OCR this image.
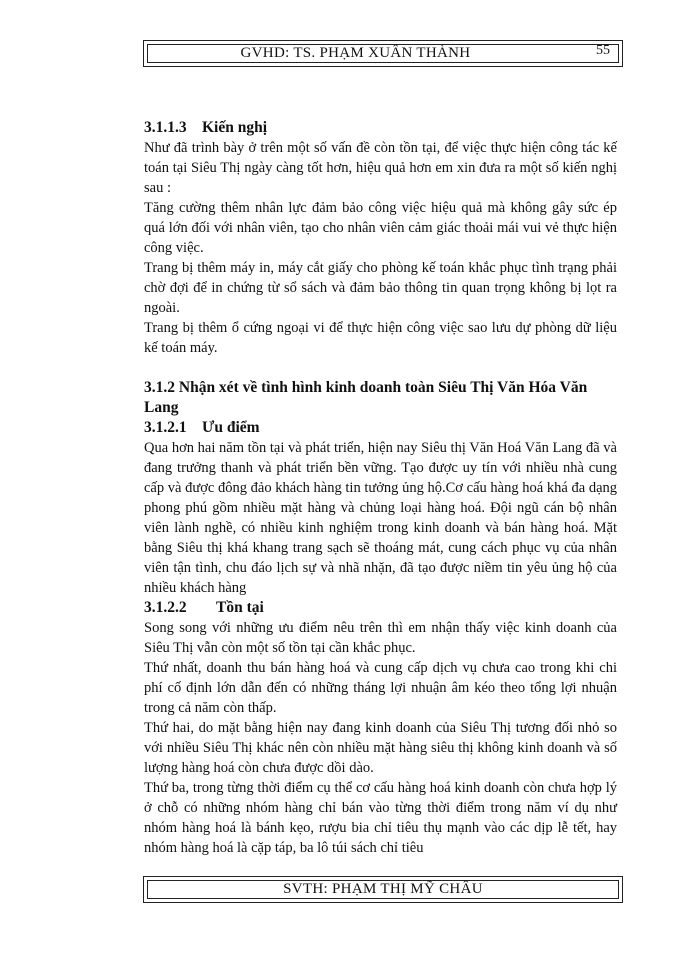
GVHD: TS. PHẠM XUÂN THÀNH	55

3.1.1.3 Kiến nghị

Như đã trình bày ở trên một số vấn đề còn tồn tại, để việc thực hiện công tác kế toán tại Siêu Thị ngày càng tốt hơn, hiệu quả hơn em xin đưa ra một số kiến nghị sau :

Tăng cường thêm nhân lực đảm bảo công việc hiệu quả mà không gây sức ép quá lớn đối với nhân viên, tạo cho nhân viên cảm giác thoải mái vui vẻ thực hiện công việc.

Trang bị thêm máy in, máy cắt giấy cho phòng kế toán khắc phục tình trạng phải chờ đợi để in chứng từ sổ sách và đảm bảo thông tin quan trọng không bị lọt ra ngoài.

Trang bị thêm ổ cứng ngoại vi để thực hiện công việc sao lưu dự phòng dữ liệu kế toán máy.

3.1.2 Nhận xét về tình hình kinh doanh toàn Siêu Thị Văn Hóa Văn Lang

3.1.2.1 Ưu điểm

Qua hơn hai năm tồn tại và phát triển, hiện nay Siêu thị Văn Hoá Văn Lang đã và đang trưởng thanh và phát triển bền vững. Tạo được uy tín với nhiều nhà cung cấp và được đông đảo khách hàng tin tưởng ủng hộ.Cơ cấu hàng hoá khá đa dạng phong phú gồm nhiều mặt hàng và chủng loại hàng hoá. Đội ngũ cán bộ nhân viên lành nghề, có nhiều kinh nghiệm trong kinh doanh và bán hàng hoá. Mặt bằng Siêu thị khá khang trang sạch sẽ thoáng mát, cung cách phục vụ của nhân viên tận tình, chu đáo lịch sự và nhã nhặn, đã tạo được niềm tin yêu ủng hộ của nhiều khách hàng

3.1.2.2 Tồn tại

Song song với những ưu điểm nêu trên thì em nhận thấy việc kinh doanh của Siêu Thị vẫn còn một số tồn tại cần khắc phục.

Thứ nhất, doanh thu bán hàng hoá và cung cấp dịch vụ chưa cao trong khi chi phí cố định lớn dẫn đến có những tháng lợi nhuận âm kéo theo tổng lợi nhuận trong cả năm còn thấp.

Thứ hai, do mặt bằng hiện nay đang kinh doanh của Siêu Thị tương đối nhỏ so với nhiều Siêu Thị khác nên còn nhiều mặt hàng siêu thị không kinh doanh và số lượng hàng hoá còn chưa được dồi dào.

Thứ ba, trong từng thời điểm cụ thể cơ cấu hàng hoá kinh doanh còn chưa hợp lý ở chỗ có những nhóm hàng chỉ bán vào từng thời điểm trong năm ví dụ như nhóm hàng hoá là bánh kẹo, rượu bia chỉ tiêu thụ mạnh vào các dịp lễ tết, hay nhóm hàng hoá là cặp táp, ba lô túi sách chỉ tiêu

SVTH: PHẠM THỊ MỸ CHÂU
